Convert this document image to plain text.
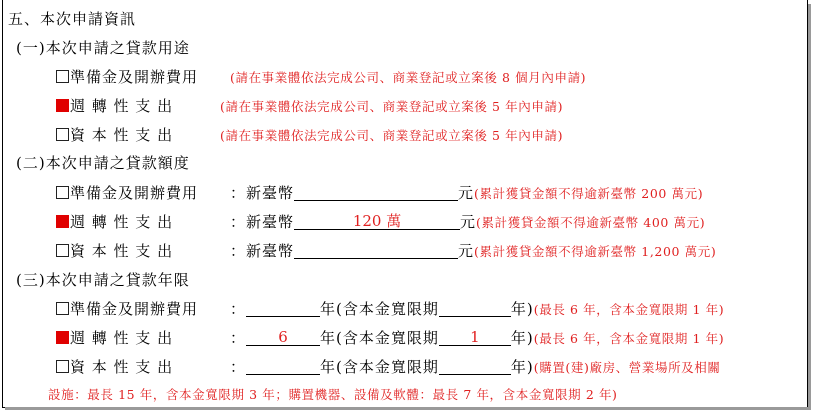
五、本次申請資訊
(一)本次申請之貸款用途
準備金及開辦費用	(請在事業體依法完成公司、商業登記或立案後 8 個月內申請)
週 轉 性 支 出	(請在事業體依法完成公司、商業登記或立案後 5 年內申請)
資 本 性 支 出	(請在事業體依法完成公司、商業登記或立案後 5 年內申請)
(二)本次申請之貸款額度
準備金及開辦費用 ：新臺幣	元(累計獲貸金額不得逾新臺幣 200 萬元)
週 轉 性 支 出	：新臺幣	120 萬	元(累計獲貸金額不得逾新臺幣 400 萬元)
資 本 性 支 出	：新臺幣	元(累計獲貸金額不得逾新臺幣 1,200 萬元)
(三)本次申請之貸款年限
準備金及開辦費用 ：	年(含本金寬限期	年)(最長 6 年，含本金寬限期 1 年)
週 轉 性 支 出	： 6 年(含本金寬限期 1 年)(最長 6 年，含本金寬限期 1 年)
資 本 性 支 出	：	年(含本金寬限期	年)(購置(建)廠房、營業場所及相關
設施：最長 15 年，含本金寬限期 3 年；購置機器、設備及軟體：最長 7 年，含本金寬限期 2 年)
